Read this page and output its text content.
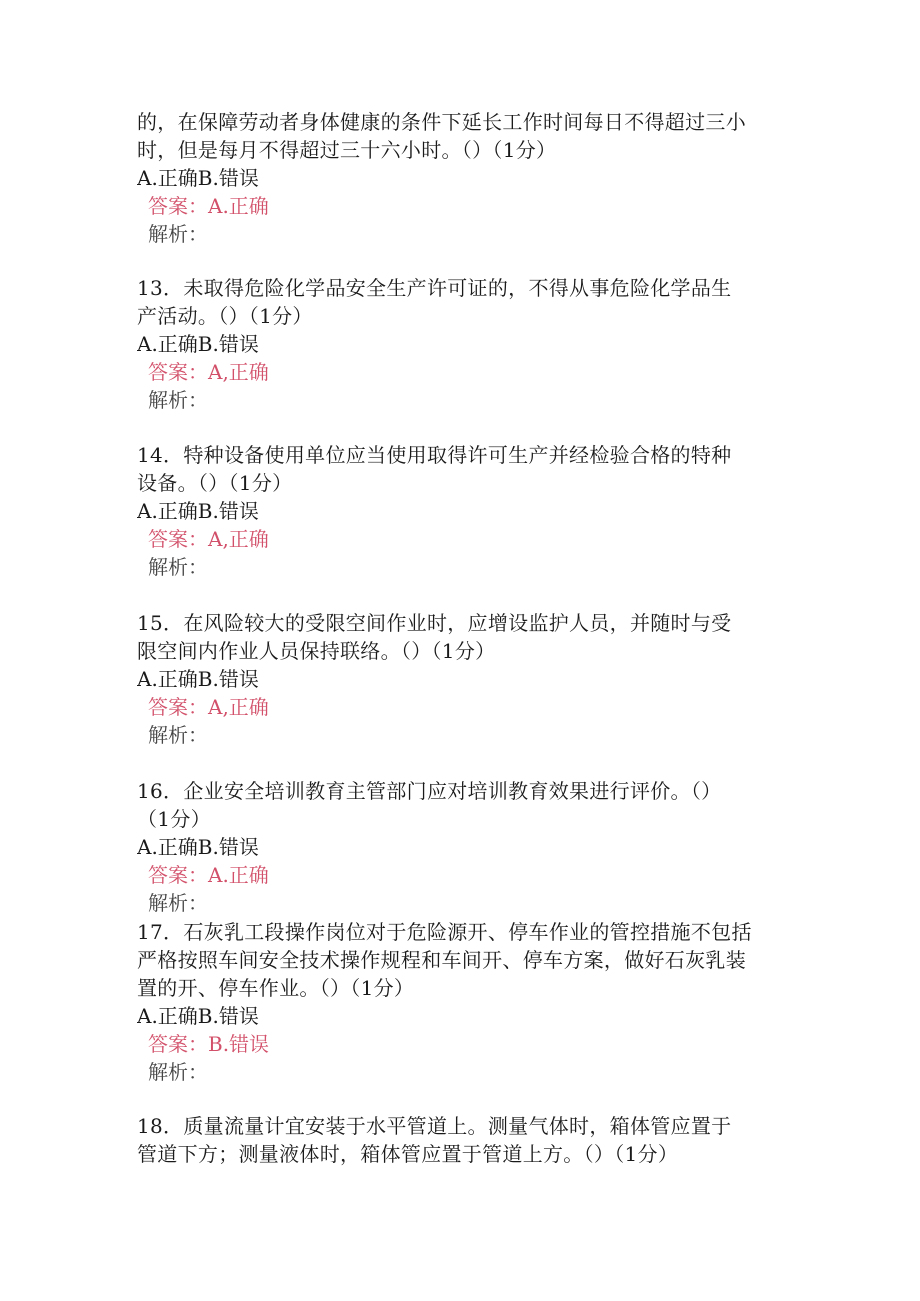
的，在保障劳动者身体健康的条件下延长工作时间每日不得超过三小
时，但是每月不得超过三十六小时。（）（1分）
A.正确B.错误
答案：A.正确
解析：
13．未取得危险化学品安全生产许可证的，不得从事危险化学品生
产活动。（）（1分）
A.正确B.错误
答案：A,正确
解析：
14．特种设备使用单位应当使用取得许可生产并经检验合格的特种
设备。（）（1分）
A.正确B.错误
答案：A,正确
解析：
15．在风险较大的受限空间作业时，应增设监护人员，并随时与受
限空间内作业人员保持联络。（）（1分）
A.正确B.错误
答案：A,正确
解析：
16．企业安全培训教育主管部门应对培训教育效果进行评价。（）
（1分）
A.正确B.错误
答案：A.正确
解析：
17．石灰乳工段操作岗位对于危险源开、停车作业的管控措施不包括
严格按照车间安全技术操作规程和车间开、停车方案，做好石灰乳装
置的开、停车作业。（）（1分）
A.正确B.错误
答案：B.错误
解析：
18．质量流量计宜安装于水平管道上。测量气体时，箱体管应置于
管道下方；测量液体时，箱体管应置于管道上方。（）（1分）
